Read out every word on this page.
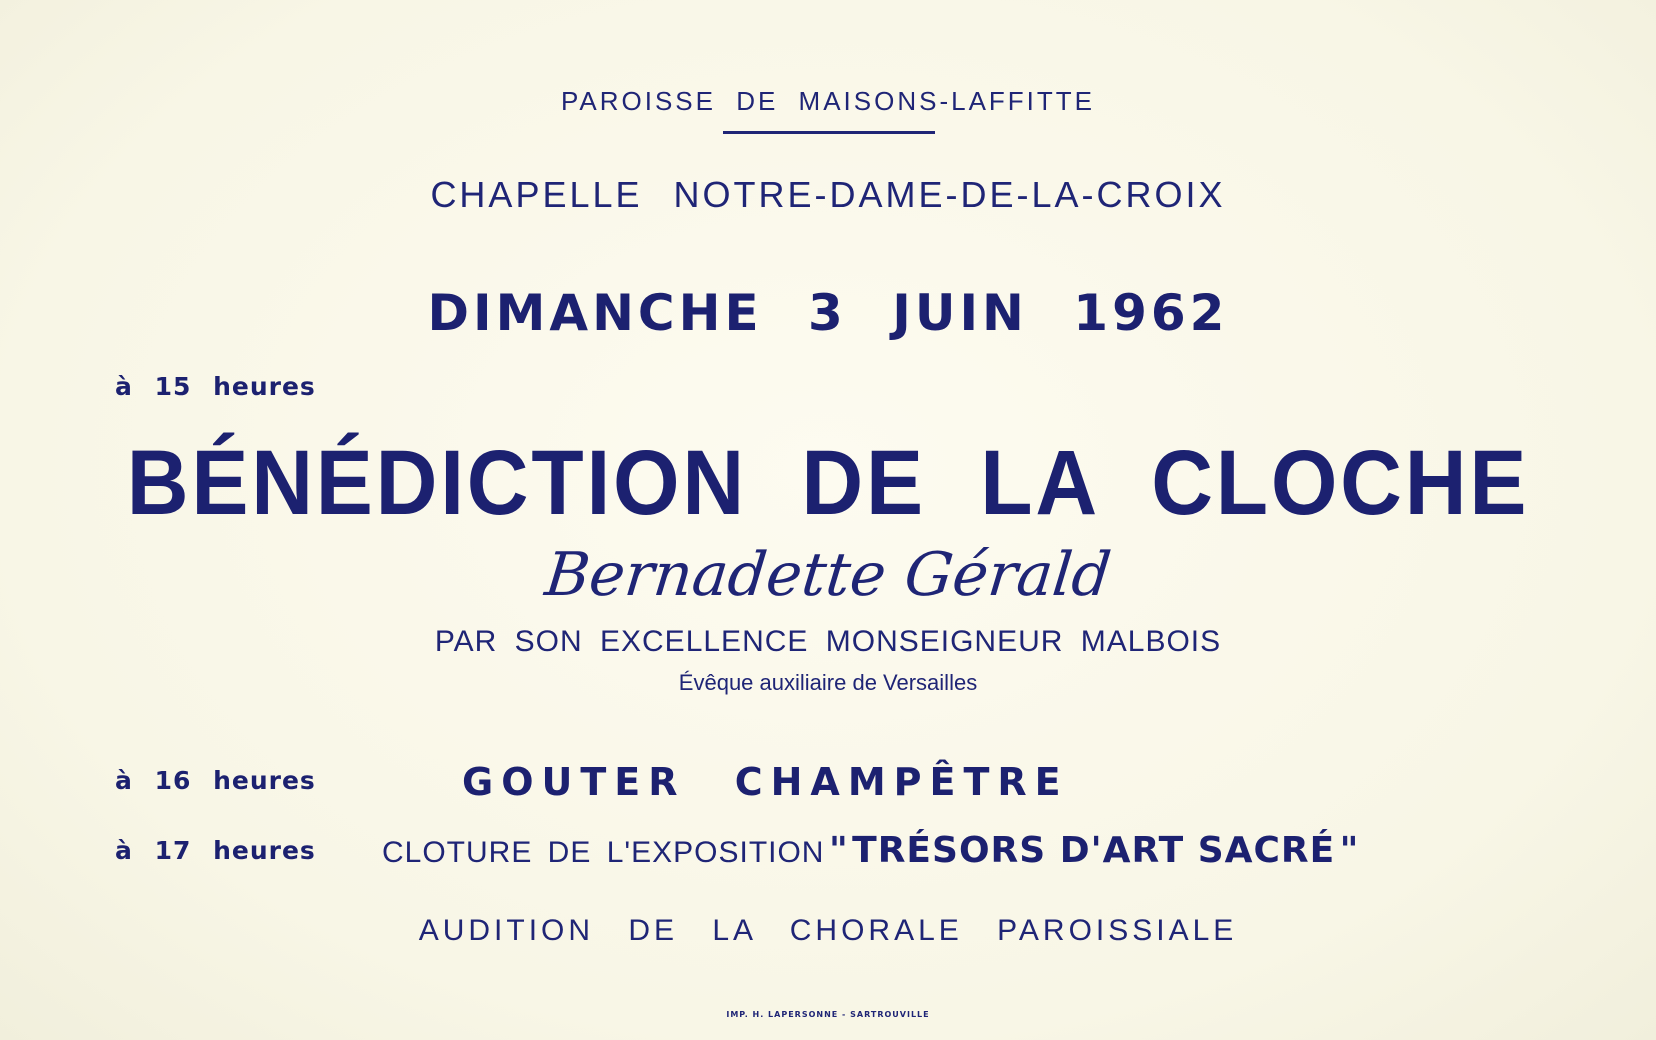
PAROISSE DE MAISONS-LAFFITTE
CHAPELLE NOTRE-DAME-DE-LA-CROIX
DIMANCHE 3 JUIN 1962
à 15 heures
BÉNÉDICTION DE LA CLOCHE
Bernadette Gérald
PAR SON EXCELLENCE MONSEIGNEUR MALBOIS
Évêque auxiliaire de Versailles
à 16 heures	GOUTER CHAMPÊTRE
à 17 heures CLOTURE DE L'EXPOSITION " TRÉSORS D'ART SACRÉ "
AUDITION DE LA CHORALE PAROISSIALE
IMP. H. LAPERSONNE - SARTROUVILLE
